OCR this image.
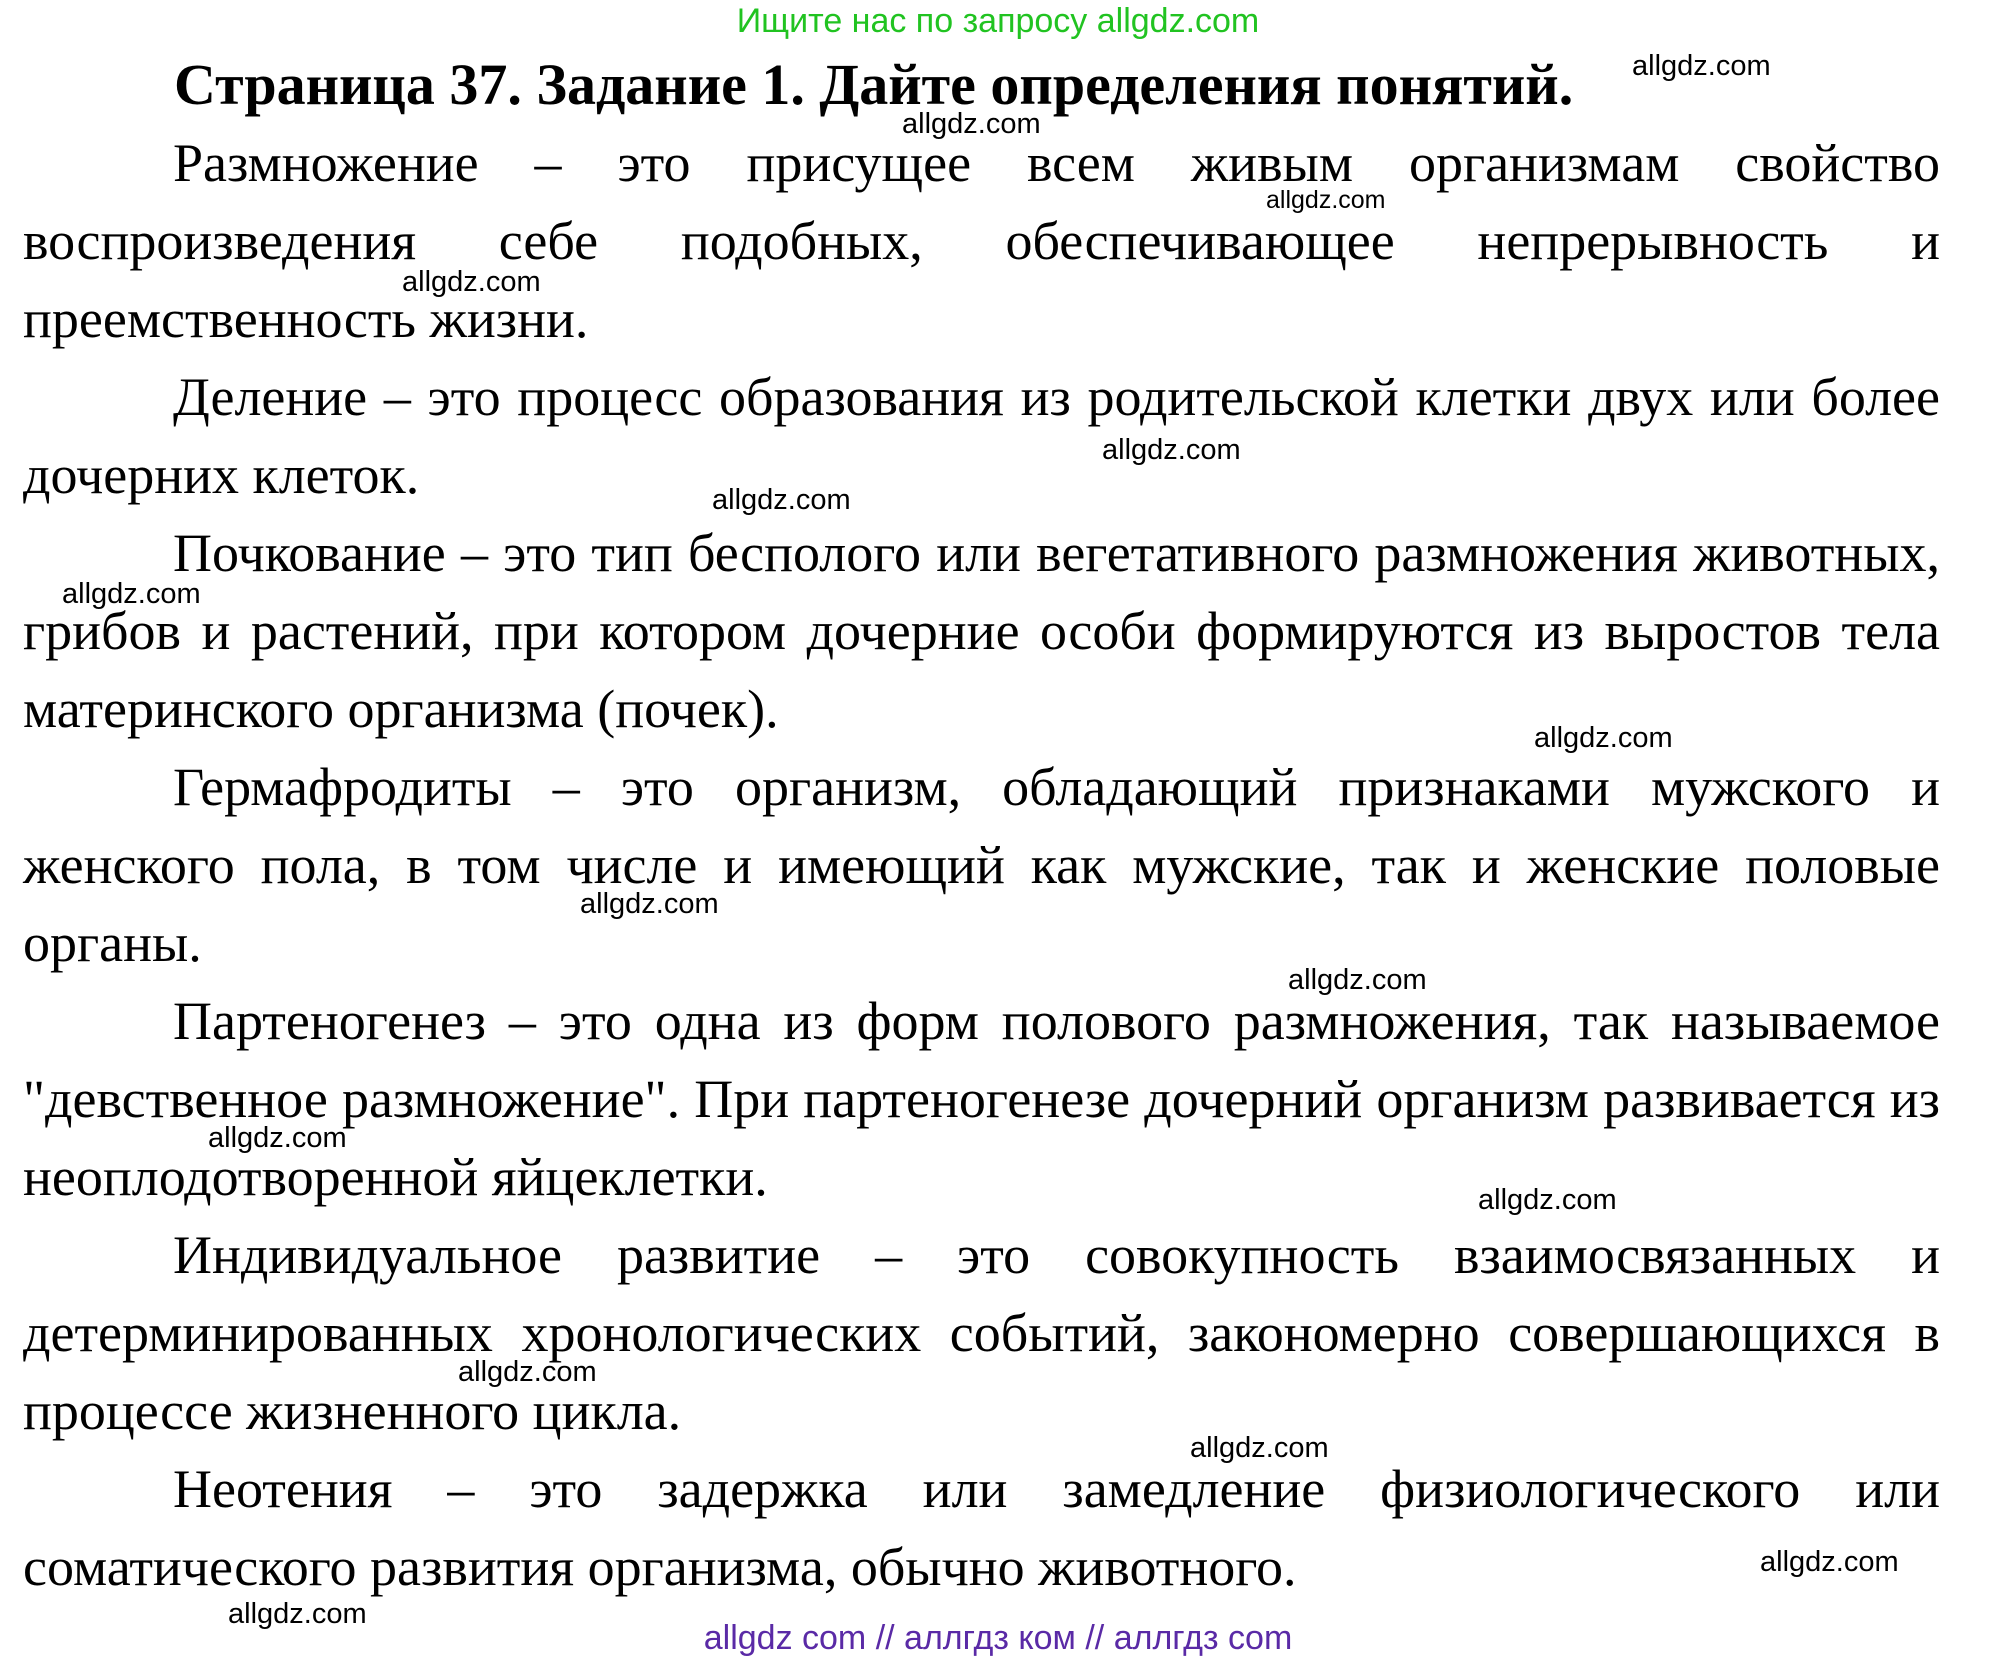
Ищите нас по запросу allgdz.com
Страница 37. Задание 1. Дайте определения понятий.

Размножение – это присущее всем живым организмам свойство воспроизведения себе подобных, обеспечивающее непрерывность и преемственность жизни.

Деление – это процесс образования из родительской клетки двух или более дочерних клеток.

Почкование – это тип бесполого или вегетативного размножения животных, грибов и растений, при котором дочерние особи формируются из выростов тела материнского организма (почек).

Гермафродиты – это организм, обладающий признаками мужского и женского пола, в том числе и имеющий как мужские, так и женские половые органы.

Партеногенез – это одна из форм полового размножения, так называемое "девственное размножение". При партеногенезе дочерний организм развивается из неоплодотворенной яйцеклетки.

Индивидуальное развитие – это совокупность взаимосвязанных и детерминированных хронологических событий, закономерно совершающихся в процессе жизненного цикла.

Неотения – это задержка или замедление физиологического или соматического развития организма, обычно животного.

allgdz.com
allgdz.com
allgdz.com
allgdz.com
allgdz.com
allgdz.com
allgdz.com
allgdz.com
allgdz.com
allgdz.com
allgdz.com
allgdz.com
allgdz.com
allgdz.com
allgdz.com
allgdz.com
allgdz com // аллгдз ком // аллгдз com
